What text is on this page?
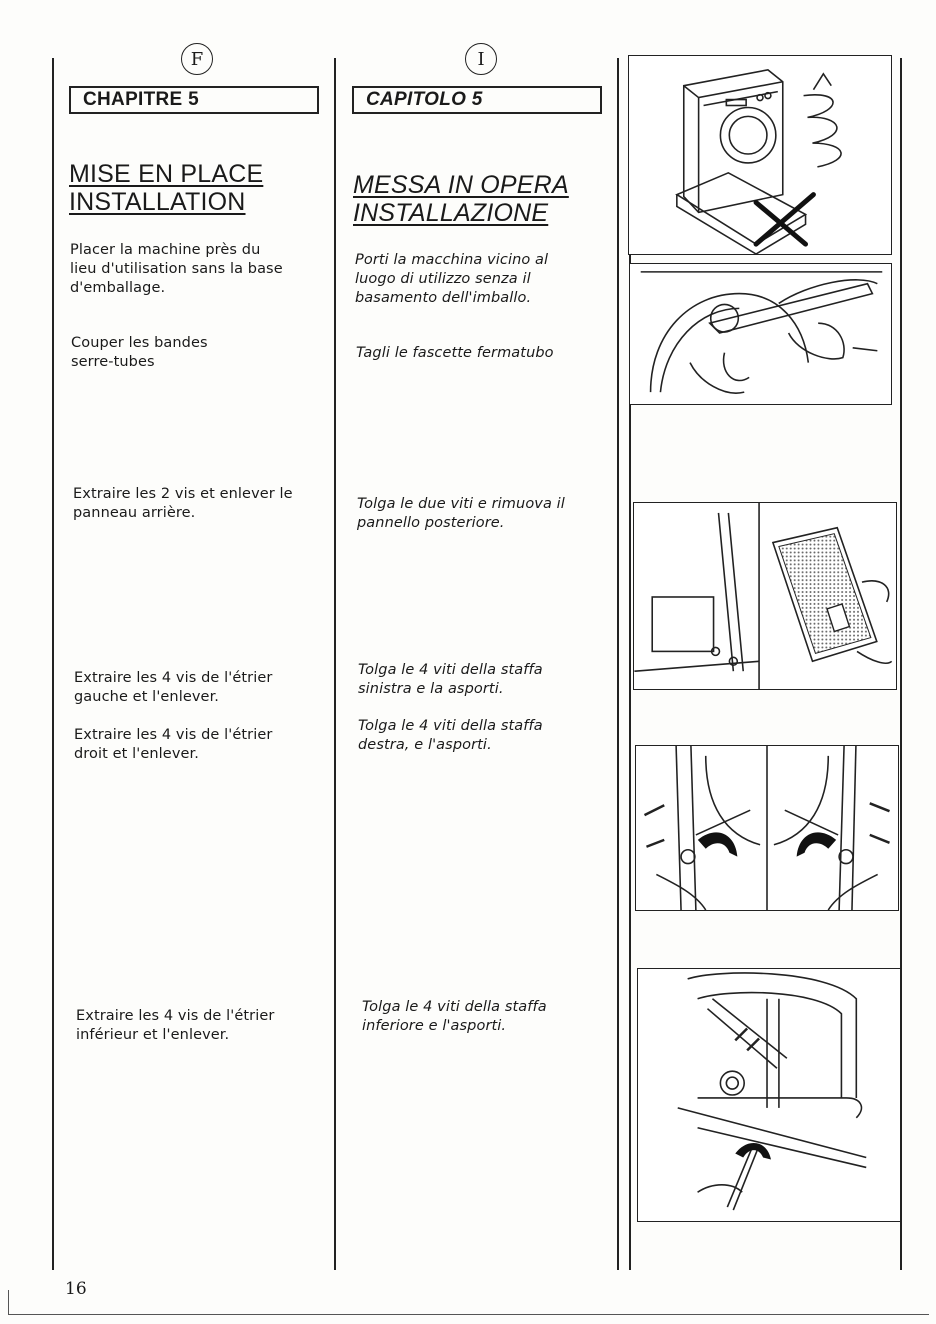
F	I
CHAPITRE 5	CAPITOLO 5
MISE EN PLACE
INSTALLATION
MESSA IN OPERA
INSTALLAZIONE
Placer la machine près du
lieu d'utilisation sans la base
d'emballage.
Couper les bandes
serre-tubes
Extraire les 2 vis et enlever le
panneau arrière.
Extraire les 4 vis de l'étrier
gauche et l'enlever.
Extraire les 4 vis de l'étrier
droit et l'enlever.
Extraire les 4 vis de l'étrier
inférieur et l'enlever.
Porti la macchina vicino al
luogo di utilizzo senza il
basamento dell'imballo.
Tagli le fascette fermatubo
Tolga le due viti e rimuova il
pannello posteriore.
Tolga le 4 viti della staffa
sinistra e la asporti.
Tolga le 4 viti della staffa
destra, e l'asporti.
Tolga le 4 viti della staffa
inferiore e l'asporti.
16
